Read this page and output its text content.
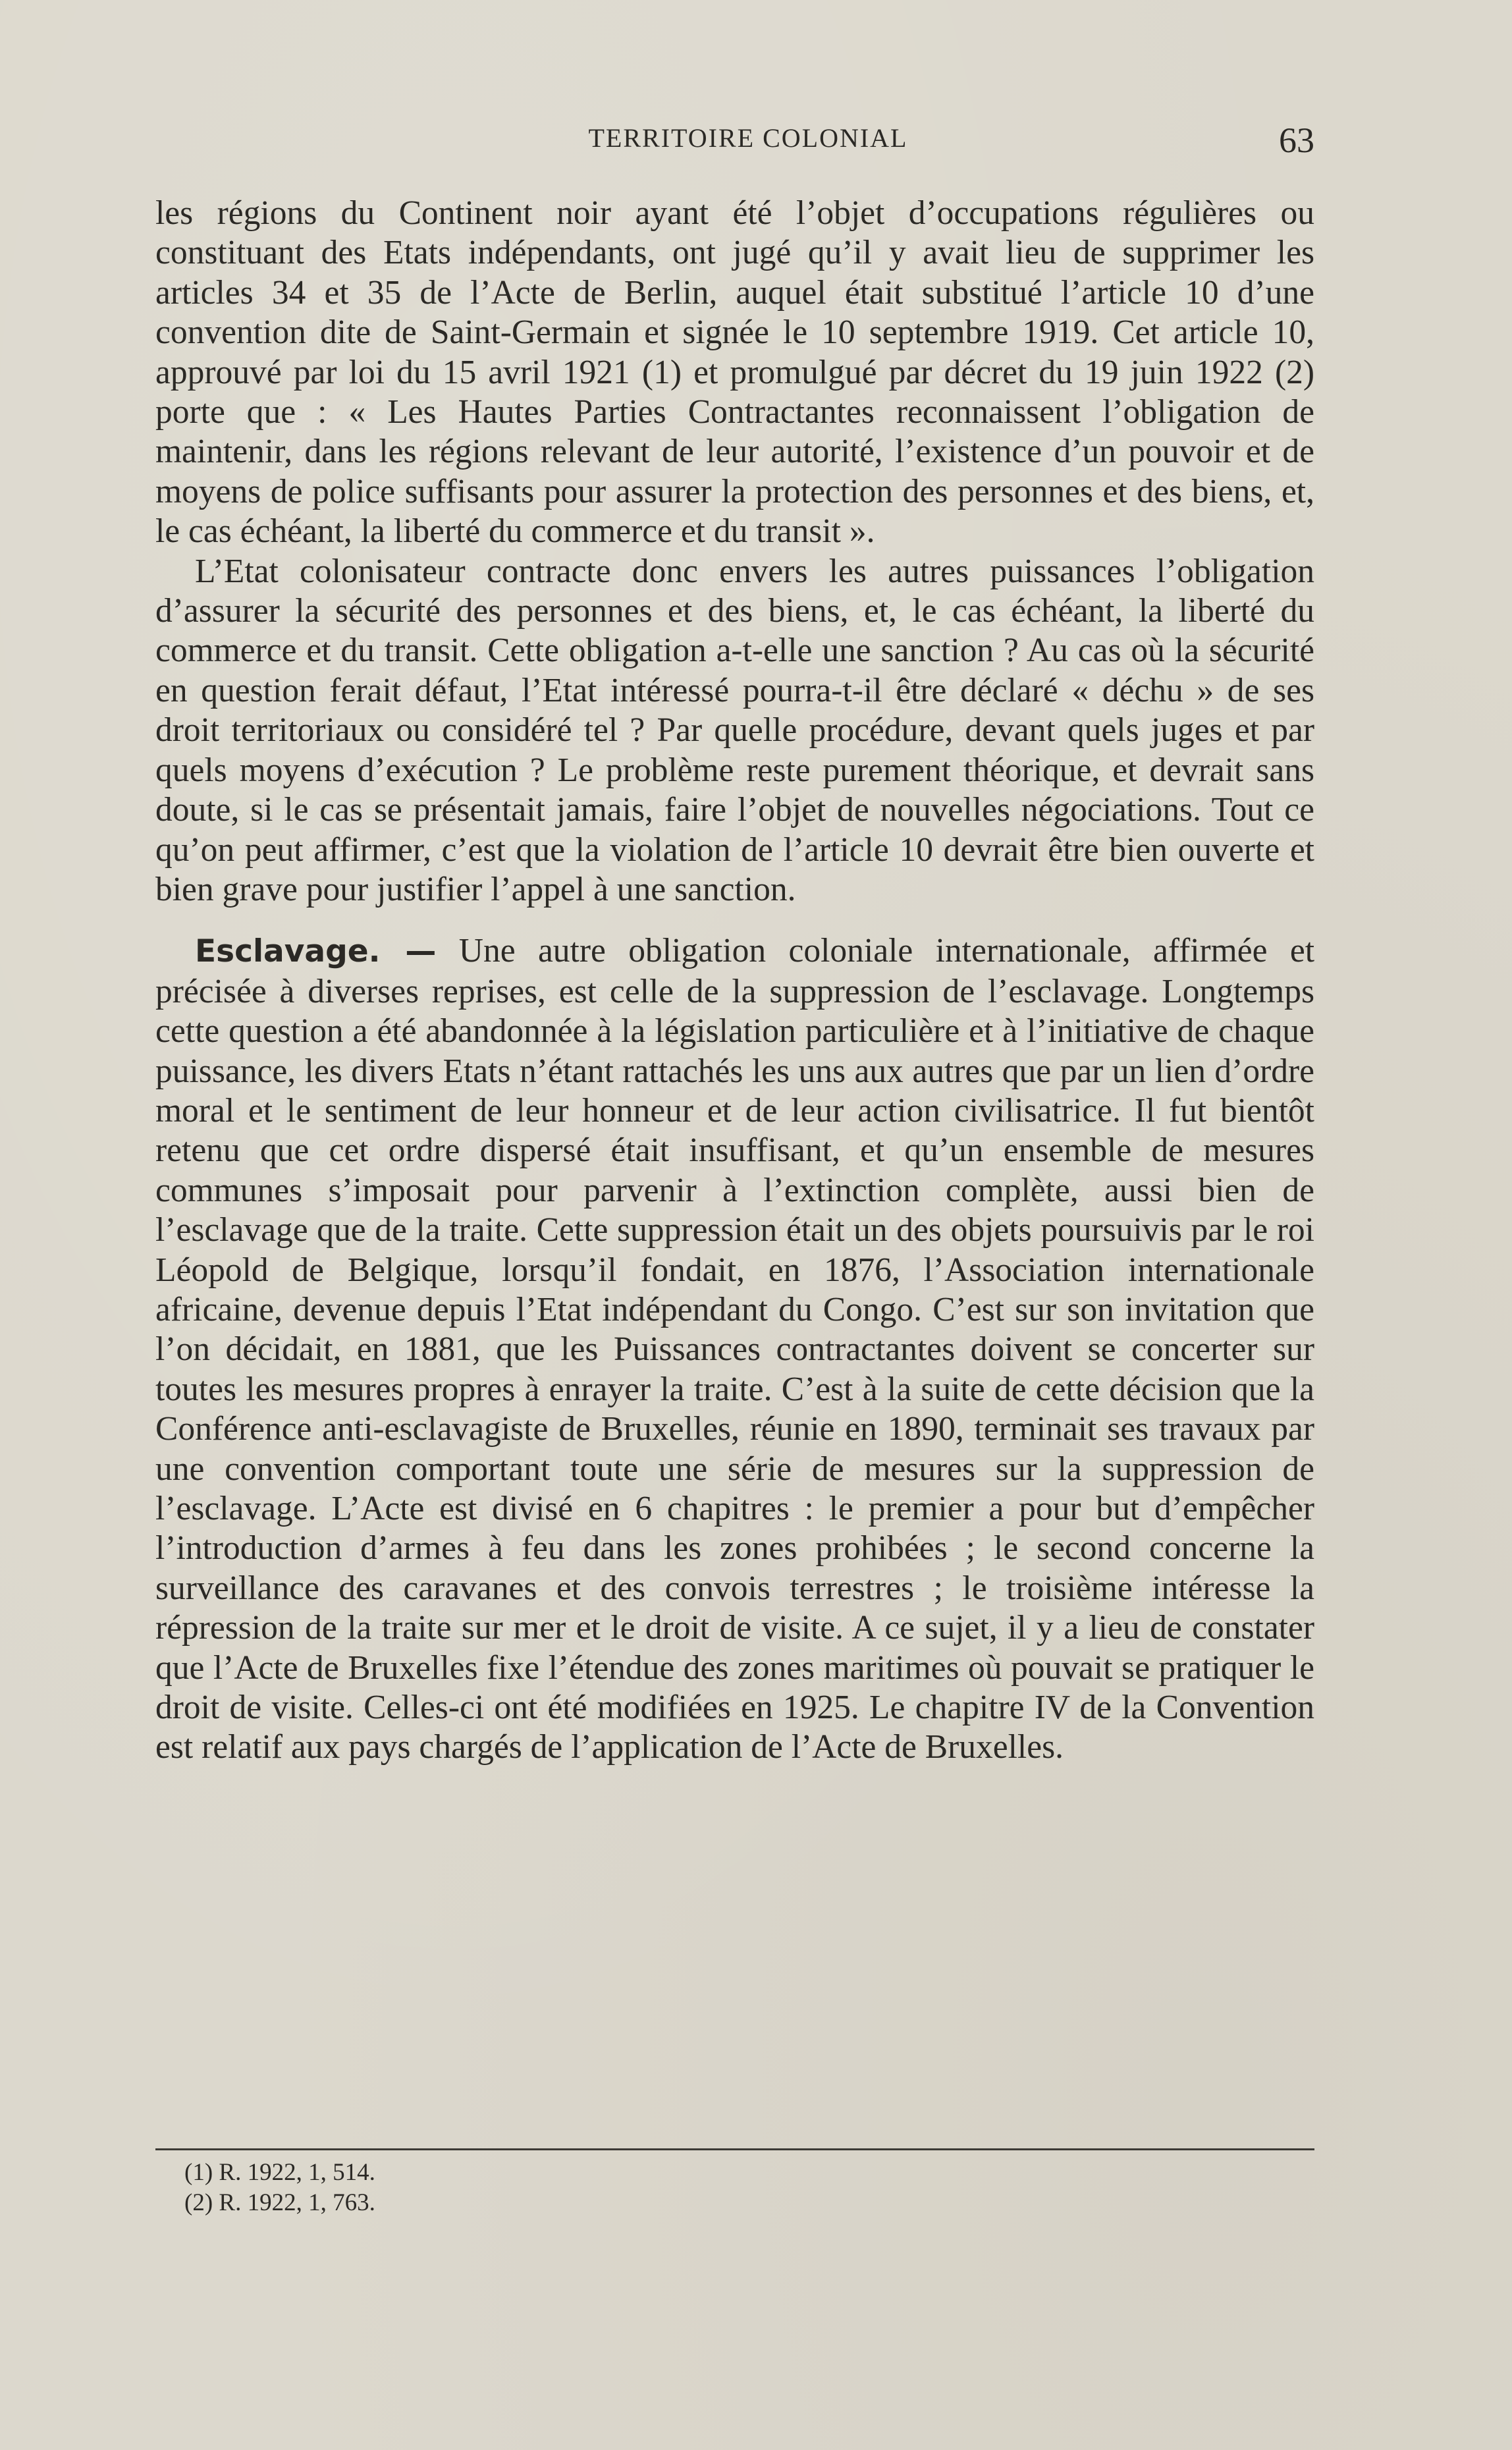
TERRITOIRE COLONIAL	63

les régions du Continent noir ayant été l’objet d’occupations régulières ou constituant des Etats indépendants, ont jugé qu’il y avait lieu de supprimer les articles 34 et 35 de l’Acte de Berlin, auquel était substitué l’article 10 d’une convention dite de Saint-Germain et signée le 10 septembre 1919. Cet article 10, approuvé par loi du 15 avril 1921 (1) et promulgué par décret du 19 juin 1922 (2) porte que : « Les Hautes Parties Contractantes reconnaissent l’obligation de maintenir, dans les régions relevant de leur autorité, l’existence d’un pouvoir et de moyens de police suffisants pour assurer la protection des personnes et des biens, et, le cas échéant, la liberté du commerce et du transit ».

L’Etat colonisateur contracte donc envers les autres puissances l’obligation d’assurer la sécurité des personnes et des biens, et, le cas échéant, la liberté du commerce et du transit. Cette obligation a-t-elle une sanction ? Au cas où la sécurité en question ferait défaut, l’Etat intéressé pourra-t-il être déclaré « déchu » de ses droit territoriaux ou considéré tel ? Par quelle procédure, devant quels juges et par quels moyens d’exécution ? Le problème reste purement théorique, et devrait sans doute, si le cas se présentait jamais, faire l’objet de nouvelles négociations. Tout ce qu’on peut affirmer, c’est que la violation de l’article 10 devrait être bien ouverte et bien grave pour justifier l’appel à une sanction.

Esclavage. — Une autre obligation coloniale internationale, affirmée et précisée à diverses reprises, est celle de la suppression de l’esclavage. Longtemps cette question a été abandonnée à la législation particulière et à l’initiative de chaque puissance, les divers Etats n’étant rattachés les uns aux autres que par un lien d’ordre moral et le sentiment de leur honneur et de leur action civilisatrice. Il fut bientôt retenu que cet ordre dispersé était insuffisant, et qu’un ensemble de mesures communes s’imposait pour parvenir à l’extinction complète, aussi bien de l’esclavage que de la traite. Cette suppression était un des objets poursuivis par le roi Léopold de Belgique, lorsqu’il fondait, en 1876, l’Association internationale africaine, devenue depuis l’Etat indépendant du Congo. C’est sur son invitation que l’on décidait, en 1881, que les Puissances contractantes doivent se concerter sur toutes les mesures propres à enrayer la traite. C’est à la suite de cette décision que la Conférence anti-esclavagiste de Bruxelles, réunie en 1890, terminait ses travaux par une convention comportant toute une série de mesures sur la suppression de l’esclavage. L’Acte est divisé en 6 chapitres : le premier a pour but d’empêcher l’introduction d’armes à feu dans les zones prohibées ; le second concerne la surveillance des caravanes et des convois terrestres ; le troisième intéresse la répression de la traite sur mer et le droit de visite. A ce sujet, il y a lieu de constater que l’Acte de Bruxelles fixe l’étendue des zones maritimes où pouvait se pratiquer le droit de visite. Celles-ci ont été modifiées en 1925. Le chapitre IV de la Convention est relatif aux pays chargés de l’application de l’Acte de Bruxelles.

(1) R. 1922, 1, 514.
(2) R. 1922, 1, 763.
